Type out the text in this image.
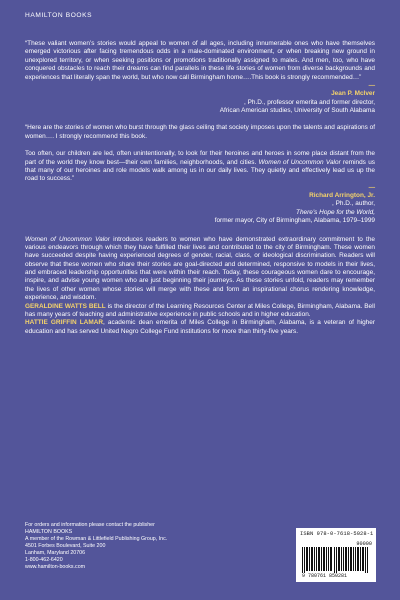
HAMILTON BOOKS

“These valiant women’s stories would appeal to women of all ages, including innumerable ones who have themselves emerged victorious after facing tremendous odds in a male-dominated environment, or when breaking new ground in unexplored territory, or when seeking positions or promotions traditionally assigned to males. And men, too, who have conquered obstacles to reach their dreams can find parallels in these life stories of women from diverse backgrounds and experiences that literally span the world, but who now call Birmingham home….This book is strongly recommended…”

—
Jean P. McIver
, Ph.D., professor emerita and former director,
African American studies, University of South Alabama

“Here are the stories of women who burst through the glass ceiling that society imposes upon the talents and aspirations of women…. I strongly recommend this book.

Too often, our children are led, often unintentionally, to look for their heroines and heroes in some place distant from the part of the world they know best—their own families, neighborhoods, and cities. Women of Uncommon Valor reminds us that many of our heroines and role models walk among us in our daily lives. They quietly and effectively lead us up the road to success.”

—
Richard Arrington, Jr.
, Ph.D., author,
There’s Hope for the World,
former mayor, City of Birmingham, Alabama, 1979–1999

Women of Uncommon Valor introduces readers to women who have demonstrated extraordinary commitment to the various endeavors through which they have fulfilled their lives and contributed to the city of Birmingham. These women have succeeded despite having experienced degrees of gender, racial, class, or ideological discrimination. Readers will observe that these women who share their stories are goal-directed and determined, responsive to models in their lives, and embraced leadership opportunities that were within their reach. Today, these courageous women dare to encourage, inspire, and advise young women who are just beginning their journeys. As these stories unfold, readers may remember the lives of other women whose stories will merge with these and form an inspirational chorus rendering knowledge, experience, and wisdom.

GERALDINE WATTS BELL is the director of the Learning Resources Center at Miles College, Birmingham, Alabama. Bell has many years of teaching and administrative experience in public schools and in higher education.

HATTIE GRIFFIN LAMAR, academic dean emerita of Miles College in Birmingham, Alabama, is a veteran of higher education and has served United Negro College Fund institutions for more than thirty-five years.

For orders and information please contact the publisher
HAMILTON BOOKS
A member of the Rowman & Littlefield Publishing Group, Inc.
4501 Forbes Boulevard, Suite 200
Lanham, Maryland 20706
1-800-462-6420
www.hamilton-books.com
ISBN 978-0-7618-5028-1
90000
9 780761 850281
